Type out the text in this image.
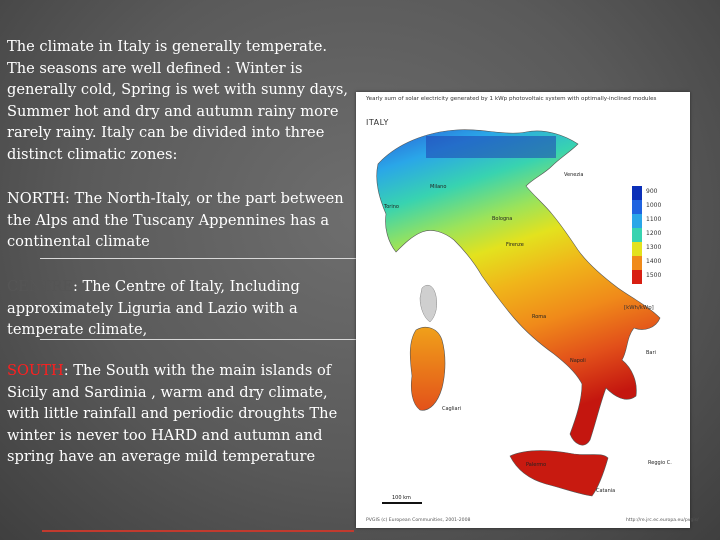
The climate in Italy is generally temperate. The seasons are well defined : Winter is generally cold, Spring is wet with sunny days, Summer hot and dry and autumn rainy more rarely rainy. Italy can be divided into three distinct climatic zones:

NORTH: The North-Italy, or the part between the Alps and the Tuscany Appennines has a continental climate

CENTRE: The Centre of Italy, Including approximately Liguria and Lazio with a temperate climate,

SOUTH: The South with the main islands of Sicily and Sardinia , warm and dry climate, with little rainfall and periodic droughts The winter is never too HARD and autumn and spring have an average mild temperature

Yearly sum of solar electricity generated by 1 kWp photovoltaic system with optimally-inclined modules
ITALY
900
1000
1100
1200
1300
1400
1500
[kWh/kWp]
Torino
Milano
Venezia
Bologna
Firenze
Roma
Napoli
Bari
Cagliari
Palermo
Catania
Reggio C.
100 km
PVGIS (c) European Communities, 2001-2008	http://re.jrc.ec.europa.eu/pvgis/
